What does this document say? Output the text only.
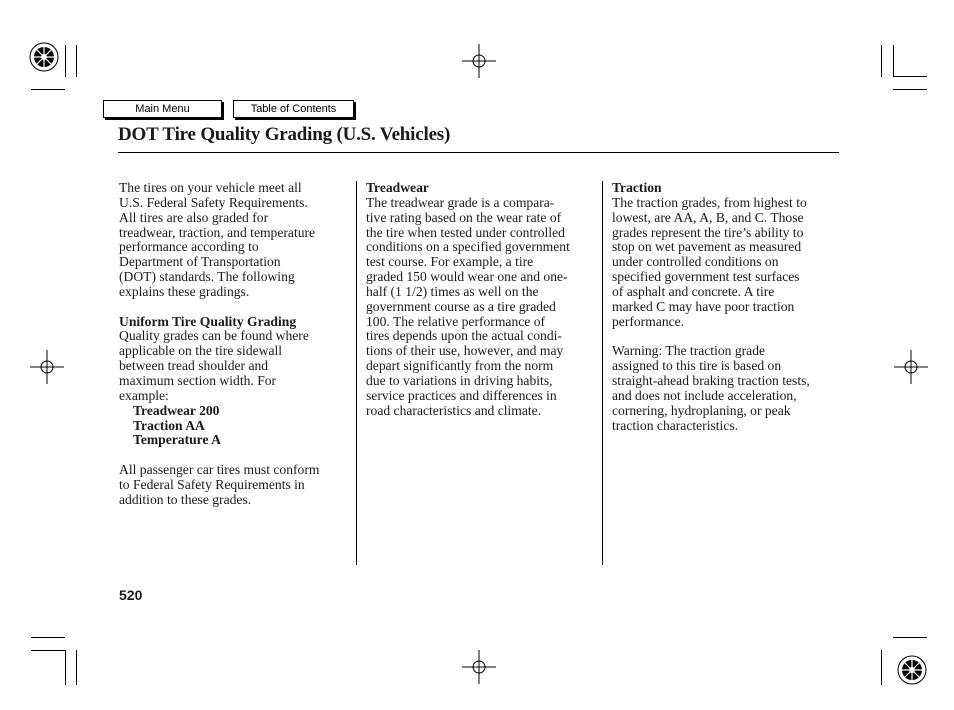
Main Menu	Table of Contents
DOT Tire Quality Grading (U.S. Vehicles)

The tires on your vehicle meet all

U.S. Federal Safety Requirements.

All tires are also graded for

treadwear, traction, and temperature

performance according to

Department of Transportation

(DOT) standards. The following

explains these gradings.

Uniform Tire Quality Grading

Quality grades can be found where

applicable on the tire sidewall

between tread shoulder and

maximum section width. For

example:

Treadwear 200

Traction AA

Temperature A

All passenger car tires must conform

to Federal Safety Requirements in

addition to these grades.

Treadwear

The treadwear grade is a compara-

tive rating based on the wear rate of

the tire when tested under controlled

conditions on a specified government

test course. For example, a tire

graded 150 would wear one and one-

half (1 1/2) times as well on the

government course as a tire graded

100. The relative performance of

tires depends upon the actual condi-

tions of their use, however, and may

depart significantly from the norm

due to variations in driving habits,

service practices and differences in

road characteristics and climate.

Traction

The traction grades, from highest to

lowest, are AA, A, B, and C. Those

grades represent the tire’s ability to

stop on wet pavement as measured

under controlled conditions on

specified government test surfaces

of asphalt and concrete. A tire

marked C may have poor traction

performance.

Warning: The traction grade

assigned to this tire is based on

straight-ahead braking traction tests,

and does not include acceleration,

cornering, hydroplaning, or peak

traction characteristics.

520
